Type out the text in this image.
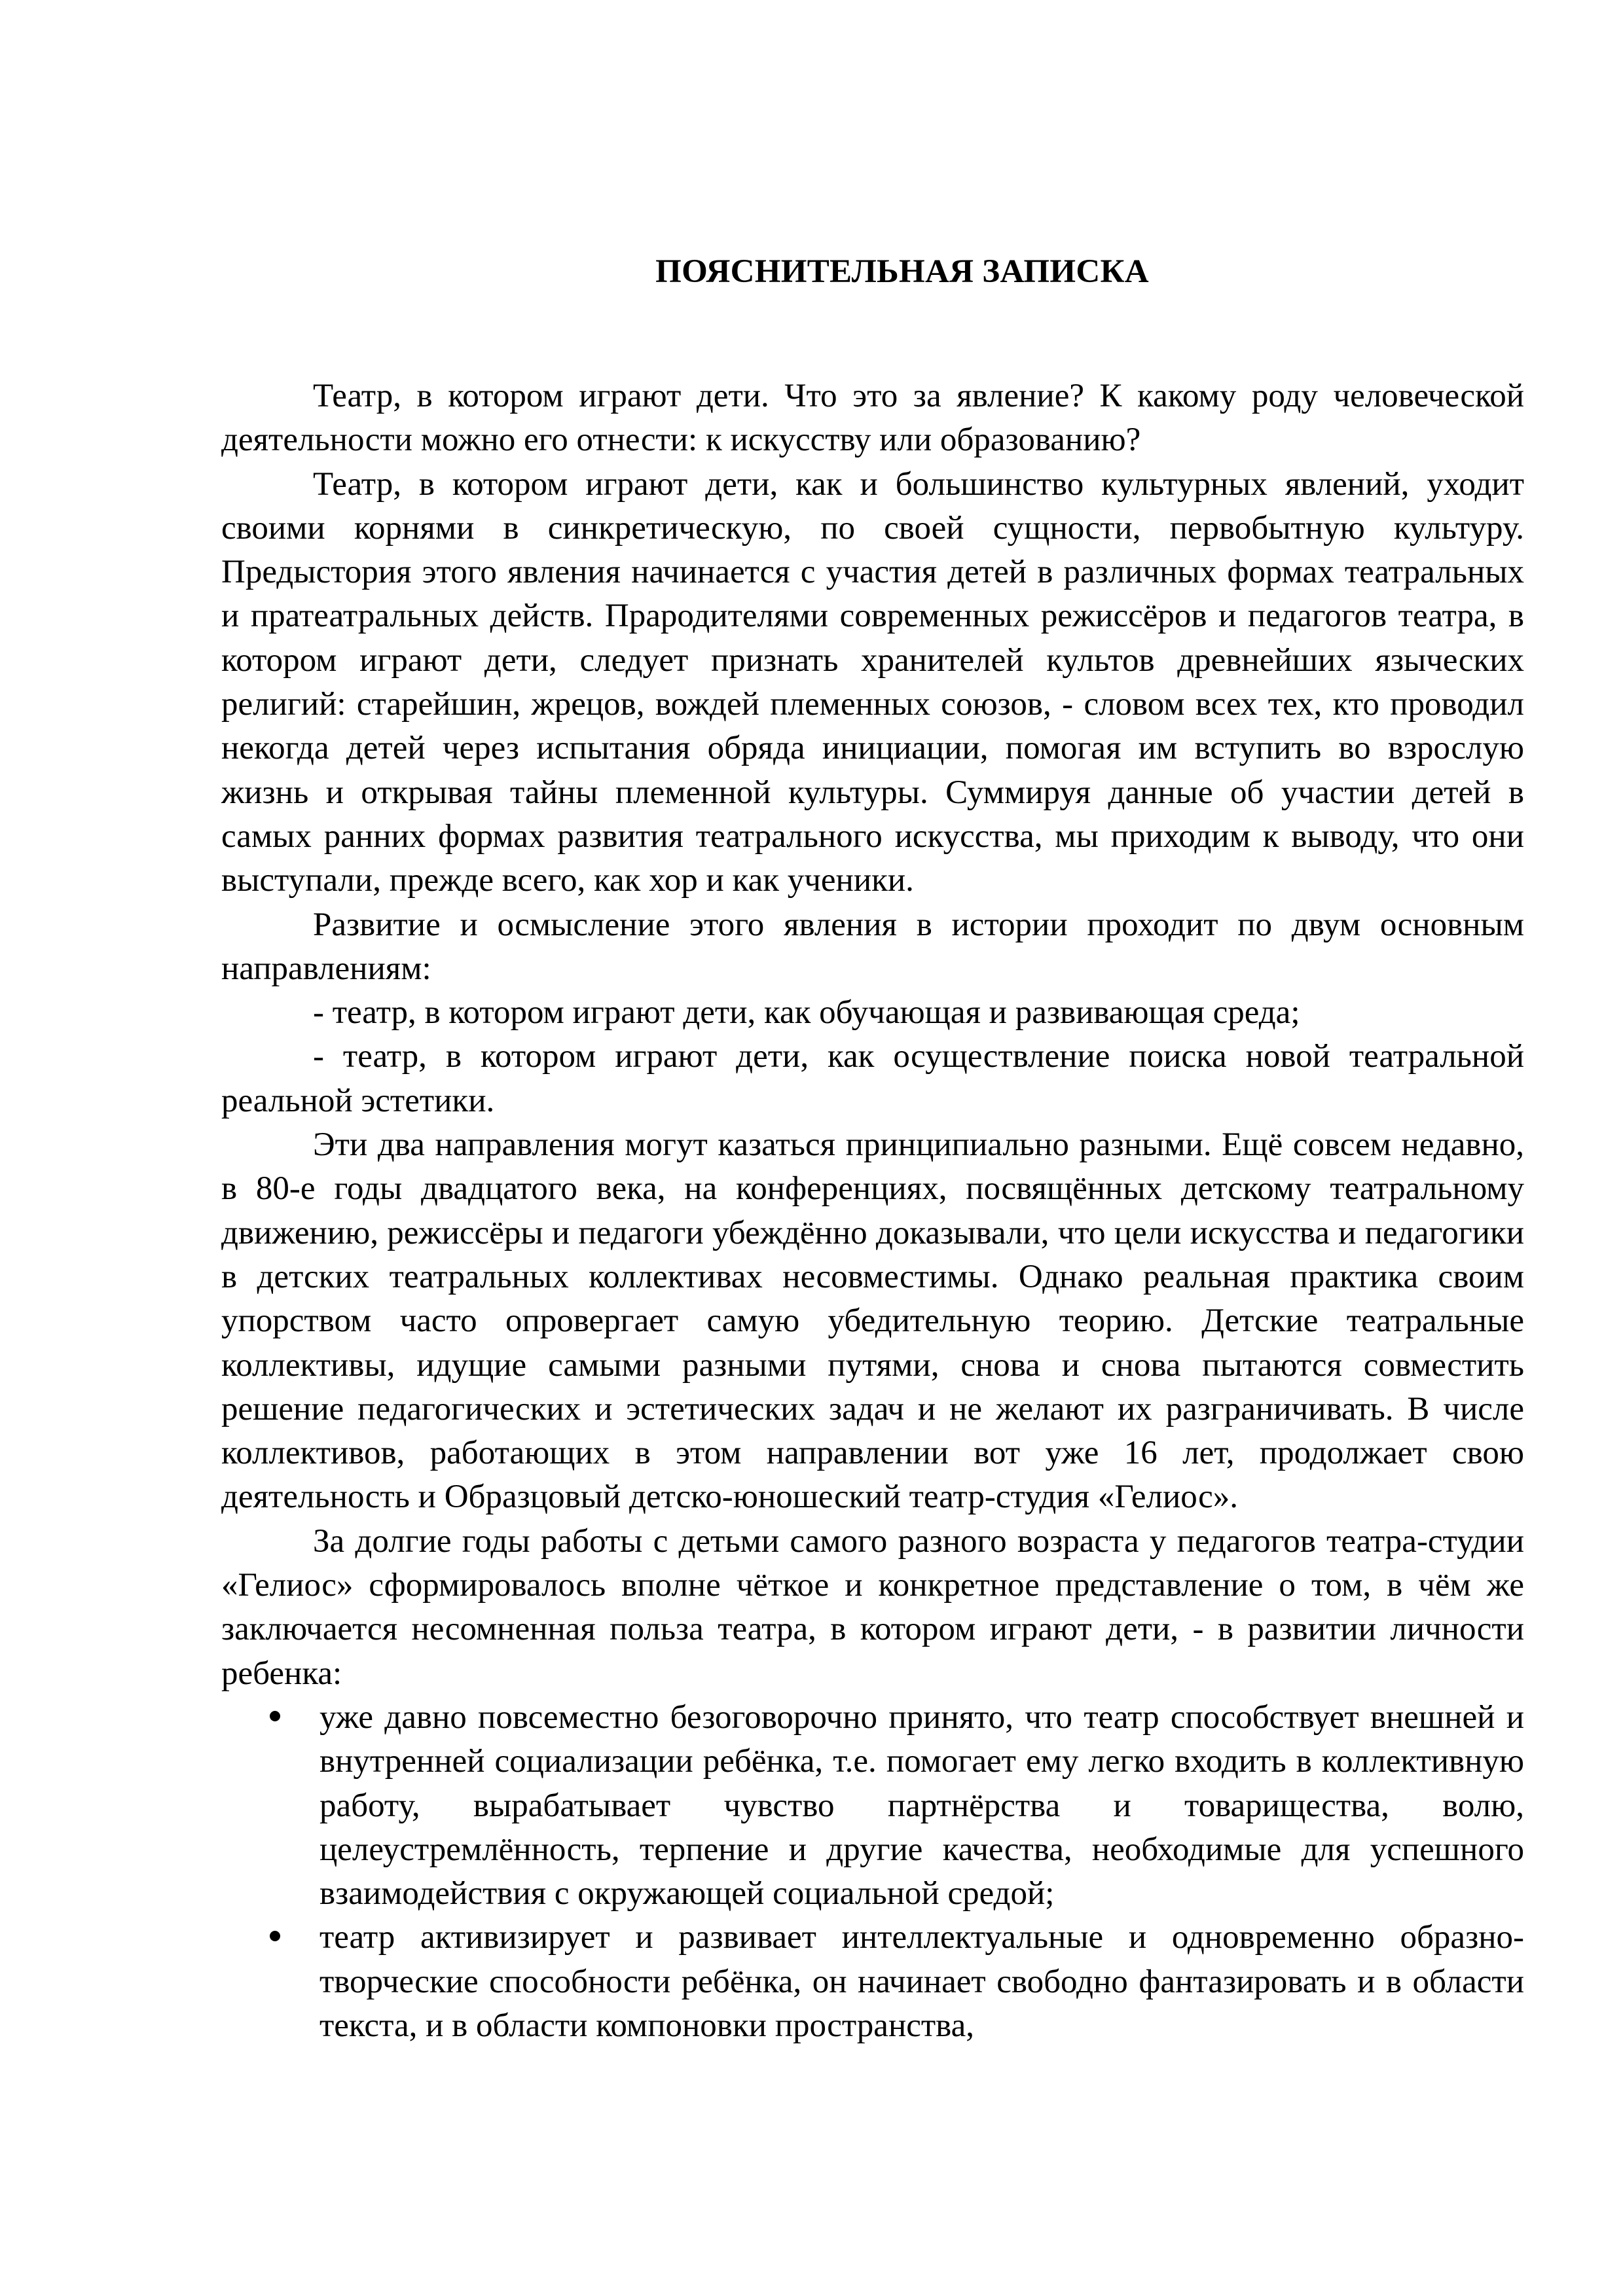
ПОЯСНИТЕЛЬНАЯ ЗАПИСКА

Театр, в котором играют дети. Что это за явление? К какому роду человеческой деятельности можно его отнести: к искусству или образованию?

Театр, в котором играют дети, как и большинство культурных явлений, уходит своими корнями в синкретическую, по своей сущности, первобытную культуру. Предыстория этого явления начинается с участия детей в различных формах театральных и пратеатральных действ. Прародителями современных режиссёров и педагогов театра, в котором играют дети, следует признать хранителей культов древнейших языческих религий: старейшин, жрецов, вождей племенных союзов, - словом всех тех, кто проводил некогда детей через испытания обряда инициации, помогая им вступить во взрослую жизнь и открывая тайны племенной культуры. Суммируя данные об участии детей в самых ранних формах развития театрального искусства, мы приходим к выводу, что они выступали, прежде всего, как хор и как ученики.

Развитие и осмысление этого явления в истории проходит по двум основным направлениям:

- театр, в котором играют дети, как обучающая и развивающая среда;

- театр, в котором играют дети, как осуществление поиска новой театральной реальной эстетики.

Эти два направления могут казаться принципиально разными. Ещё совсем недавно, в 80-е годы двадцатого века, на конференциях, посвящённых детскому театральному движению, режиссёры и педагоги убеждённо доказывали, что цели искусства и педагогики в детских театральных коллективах несовместимы. Однако реальная практика своим упорством часто опровергает самую убедительную теорию. Детские театральные коллективы, идущие самыми разными путями, снова и снова пытаются совместить решение педагогических и эстетических задач и не желают их разграничивать. В числе коллективов, работающих в этом направлении вот уже 16 лет, продолжает свою деятельность и Образцовый детско-юношеский театр-студия «Гелиос».

За долгие годы работы с детьми самого разного возраста у педагогов театра-студии «Гелиос» сформировалось вполне чёткое и конкретное представление о том, в чём же заключается несомненная польза театра, в котором играют дети, - в развитии личности ребенка:

уже давно повсеместно безоговорочно принято, что театр способствует внешней и внутренней социализации ребёнка, т.е. помогает ему легко входить в коллективную работу, вырабатывает чувство партнёрства и товарищества, волю, целеустремлённость, терпение и другие качества, необходимые для успешного взаимодействия с окружающей социальной средой;
театр активизирует и развивает интеллектуальные и одновременно образно-творческие способности ребёнка, он начинает свободно фантазировать и в области текста, и в области компоновки пространства,
